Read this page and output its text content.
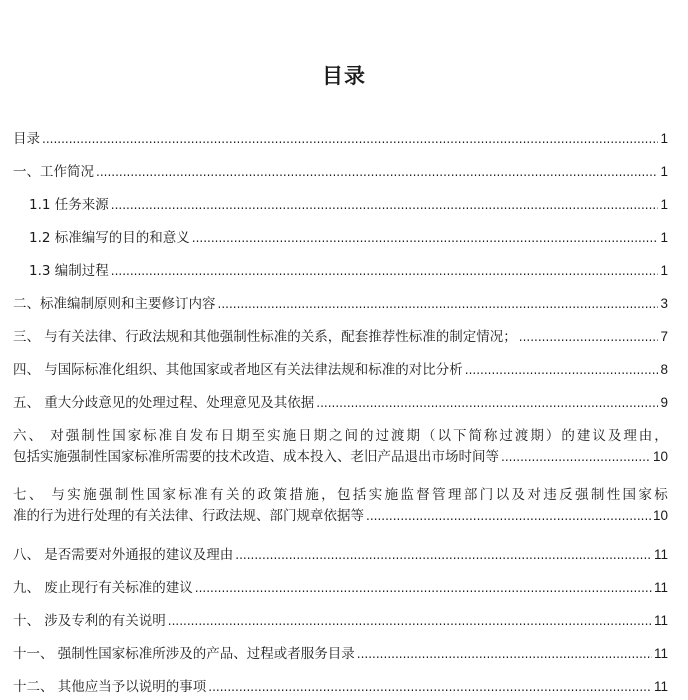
目录
目录 .....	1
一、工作简况 .....	1
1.1 任务来源 .....	1
1.2 标准编写的目的和意义 .....	1
1.3 编制过程 .....	1
二、标准编制原则和主要修订内容 .....	3
三、 与有关法律、行政法规和其他强制性标准的关系，配套推荐性标准的制定情况； .....	7
四、 与国际标准化组织、其他国家或者地区有关法律法规和标准的对比分析 .....	8
五、 重大分歧意见的处理过程、处理意见及其依据 .....	9
六、 对强制性国家标准自发布日期至实施日期之间的过渡期（以下简称过渡期）的建议及理由，
包括实施强制性国家标准所需要的技术改造、成本投入、老旧产品退出市场时间等 .....	10
七、 与实施强制性国家标准有关的政策措施，包括实施监督管理部门以及对违反强制性国家标
准的行为进行处理的有关法律、行政法规、部门规章依据等 .....	10
八、 是否需要对外通报的建议及理由 .....	11
九、 废止现行有关标准的建议 .....	11
十、 涉及专利的有关说明 .....	11
十一、 强制性国家标准所涉及的产品、过程或者服务目录 .....	11
十二、 其他应当予以说明的事项 .....	11
